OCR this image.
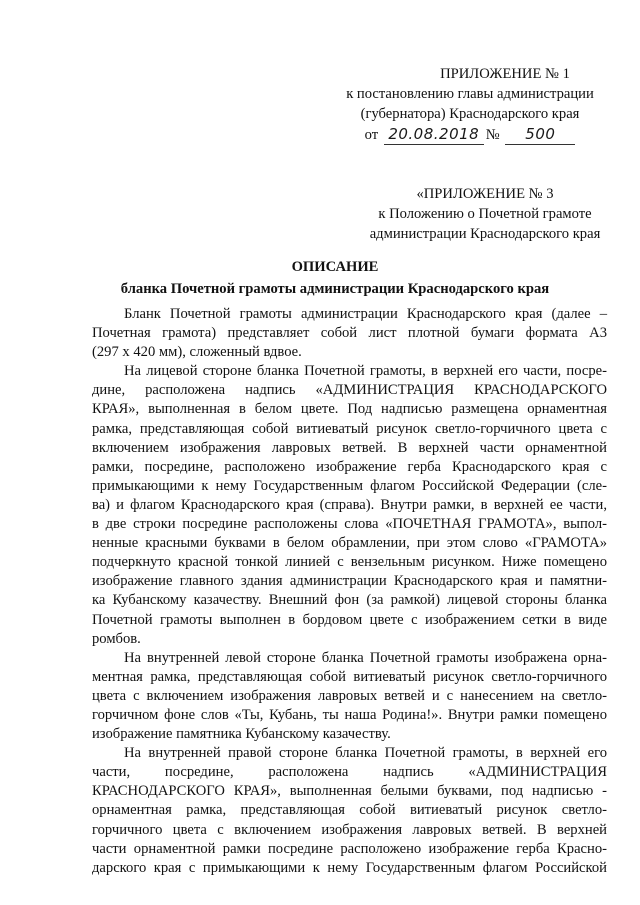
ПРИЛОЖЕНИЕ № 1
к постановлению главы администрации
(губернатора) Краснодарского края
от 20.08.2018 № 500
«ПРИЛОЖЕНИЕ № 3
к Положению о Почетной грамоте
администрации Краснодарского края
ОПИСАНИЕ
бланка Почетной грамоты администрации Краснодарского края
Бланк Почетной грамоты администрации Краснодарского края (далее –
Почетная грамота) представляет собой лист плотной бумаги формата А3
(297 х 420 мм), сложенный вдвое.
На лицевой стороне бланка Почетной грамоты, в верхней его части, посре-
дине, расположена надпись «АДМИНИСТРАЦИЯ КРАСНОДАРСКОГО
КРАЯ», выполненная в белом цвете. Под надписью размещена орнаментная
рамка, представляющая собой витиеватый рисунок светло-горчичного цвета с
включением изображения лавровых ветвей. В верхней части орнаментной
рамки, посредине, расположено изображение герба Краснодарского края с
примыкающими к нему Государственным флагом Российской Федерации (сле-
ва) и флагом Краснодарского края (справа). Внутри рамки, в верхней ее части,
в две строки посредине расположены слова «ПОЧЕТНАЯ ГРАМОТА», выпол-
ненные красными буквами в белом обрамлении, при этом слово «ГРАМОТА»
подчеркнуто красной тонкой линией с вензельным рисунком. Ниже помещено
изображение главного здания администрации Краснодарского края и памятни-
ка Кубанскому казачеству. Внешний фон (за рамкой) лицевой стороны бланка
Почетной грамоты выполнен в бордовом цвете с изображением сетки в виде
ромбов.
На внутренней левой стороне бланка Почетной грамоты изображена орна-
ментная рамка, представляющая собой витиеватый рисунок светло-горчичного
цвета с включением изображения лавровых ветвей и с нанесением на светло-
горчичном фоне слов «Ты, Кубань, ты наша Родина!». Внутри рамки помещено
изображение памятника Кубанскому казачеству.
На внутренней правой стороне бланка Почетной грамоты, в верхней его
части, посредине, расположена надпись «АДМИНИСТРАЦИЯ
КРАСНОДАРСКОГО КРАЯ», выполненная белыми буквами, под надписью -
орнаментная рамка, представляющая собой витиеватый рисунок светло-
горчичного цвета с включением изображения лавровых ветвей. В верхней
части орнаментной рамки посредине расположено изображение герба Красно-
дарского края с примыкающими к нему Государственным флагом Российской
